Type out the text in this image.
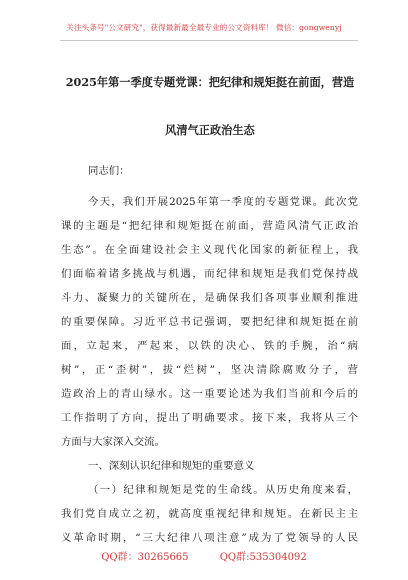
关注头条号"公文研究"，获得最新最全最专业的公文资料库！ 微信：gongwenyj
2025年第一季度专题党课：把纪律和规矩挺在前面，营造
风清气正政治生态
同志们：
今天，我们开展2025年第一季度的专题党课。此次党
课的主题是“把纪律和规矩挺在前面，营造风清气正政治
生态”。在全面建设社会主义现代化国家的新征程上，我
们面临着诸多挑战与机遇，而纪律和规矩是我们党保持战
斗力、凝聚力的关键所在，是确保我们各项事业顺利推进
的重要保障。习近平总书记强调，要把纪律和规矩挺在前
面，立起来，严起来，以铁的决心、铁的手腕，治“病
树”，正“歪树”，拔“烂树”，坚决清除腐败分子，营
造政治上的青山绿水。这一重要论述为我们当前和今后的
工作指明了方向，提出了明确要求。接下来，我将从三个
方面与大家深入交流。
一、深刻认识纪律和规矩的重要意义
（一）纪律和规矩是党的生命线。从历史角度来看，
我们党自成立之初，就高度重视纪律和规矩。在新民主主
义革命时期，“三大纪律八项注意”成为了党领导的人民
QQ群：30265665	QQ群:535304092
